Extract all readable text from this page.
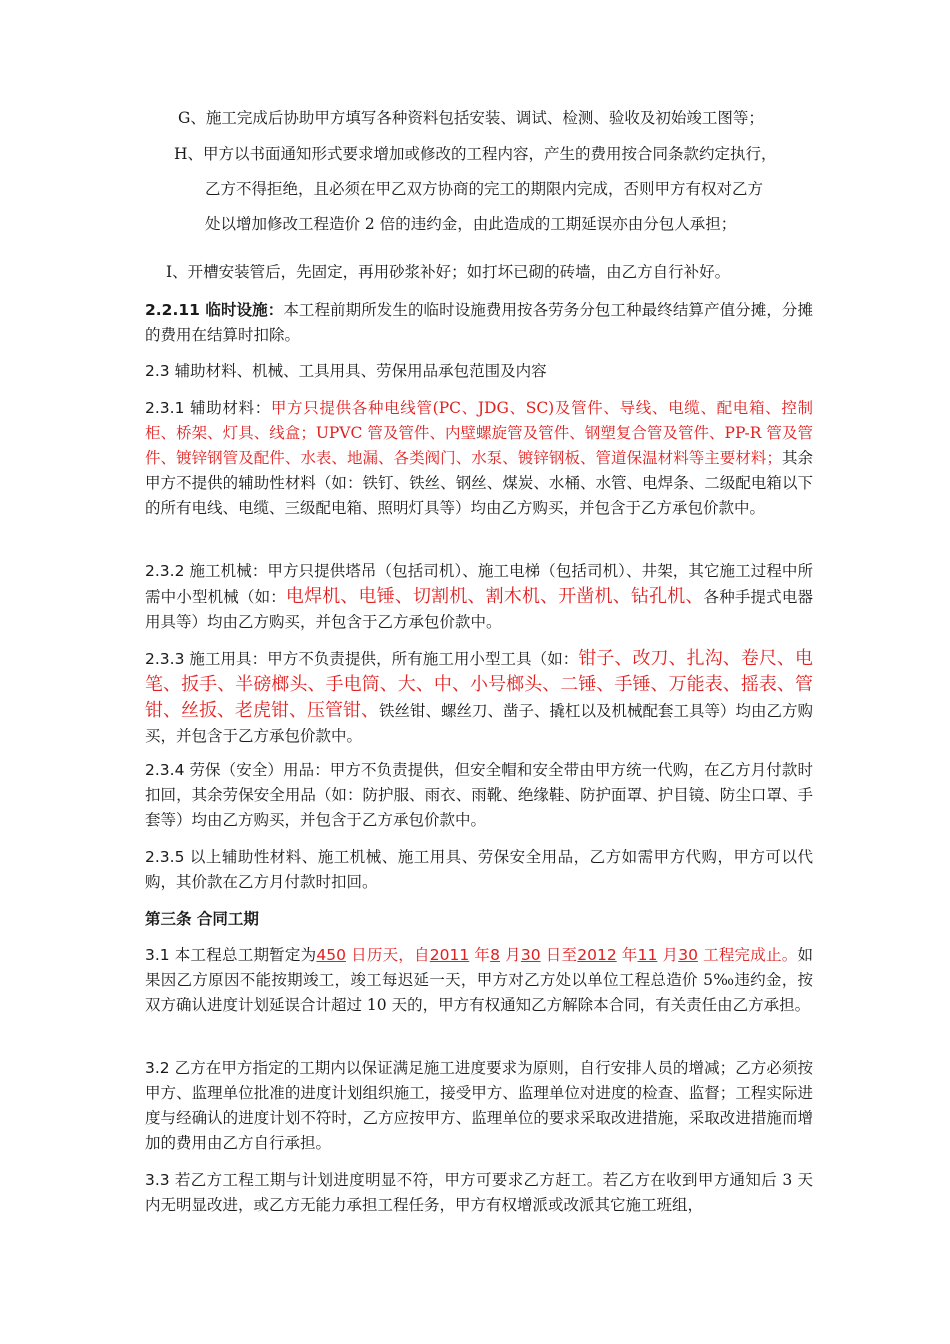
G、施工完成后协助甲方填写各种资料包括安装、调试、检测、验收及初始竣工图等；

H、甲方以书面通知形式要求增加或修改的工程内容，产生的费用按合同条款约定执行，

乙方不得拒绝，且必须在甲乙双方协商的完工的期限内完成，否则甲方有权对乙方

处以增加修改工程造价 2 倍的违约金，由此造成的工期延误亦由分包人承担；

I、开槽安装管后，先固定，再用砂浆补好；如打坏已砌的砖墙，由乙方自行补好。

2.2.11 临时设施：本工程前期所发生的临时设施费用按各劳务分包工种最终结算产值分摊，分摊的费用在结算时扣除。

2.3 辅助材料、机械、工具用具、劳保用品承包范围及内容

2.3.1 辅助材料：甲方只提供各种电线管(PC、JDG、SC)及管件、导线、电缆、配电箱、控制柜、桥架、灯具、线盒；UPVC 管及管件、内壁螺旋管及管件、钢塑复合管及管件、PP-R 管及管件、镀锌钢管及配件、水表、地漏、各类阀门、水泵、镀锌钢板、管道保温材料等主要材料；其余甲方不提供的辅助性材料（如：铁钉、铁丝、钢丝、煤炭、水桶、水管、电焊条、二级配电箱以下的所有电线、电缆、三级配电箱、照明灯具等）均由乙方购买，并包含于乙方承包价款中。

2.3.2 施工机械：甲方只提供塔吊（包括司机）、施工电梯（包括司机）、井架，其它施工过程中所需中小型机械（如：电焊机、电锤、切割机、割木机、开凿机、钻孔机、各种手提式电器用具等）均由乙方购买，并包含于乙方承包价款中。

2.3.3 施工用具：甲方不负责提供，所有施工用小型工具（如：钳子、改刀、扎沟、卷尺、电笔、扳手、半磅榔头、手电筒、大、中、小号榔头、二锤、手锤、万能表、摇表、管钳、丝扳、老虎钳、压管钳、铁丝钳、螺丝刀、凿子、撬杠以及机械配套工具等）均由乙方购买，并包含于乙方承包价款中。

2.3.4 劳保（安全）用品：甲方不负责提供，但安全帽和安全带由甲方统一代购，在乙方月付款时扣回，其余劳保安全用品（如：防护服、雨衣、雨靴、绝缘鞋、防护面罩、护目镜、防尘口罩、手套等）均由乙方购买，并包含于乙方承包价款中。

2.3.5 以上辅助性材料、施工机械、施工用具、劳保安全用品，乙方如需甲方代购，甲方可以代购，其价款在乙方月付款时扣回。

第三条 合同工期

3.1 本工程总工期暂定为450 日历天，自2011 年8 月30 日至2012 年11 月30 工程完成止。如果因乙方原因不能按期竣工，竣工每迟延一天，甲方对乙方处以单位工程总造价 5‰违约金，按双方确认进度计划延误合计超过 10 天的，甲方有权通知乙方解除本合同，有关责任由乙方承担。

3.2 乙方在甲方指定的工期内以保证满足施工进度要求为原则，自行安排人员的增减；乙方必须按甲方、监理单位批准的进度计划组织施工，接受甲方、监理单位对进度的检查、监督；工程实际进度与经确认的进度计划不符时，乙方应按甲方、监理单位的要求采取改进措施，采取改进措施而增加的费用由乙方自行承担。

3.3 若乙方工程工期与计划进度明显不符，甲方可要求乙方赶工。若乙方在收到甲方通知后 3 天内无明显改进，或乙方无能力承担工程任务，甲方有权增派或改派其它施工班组，
